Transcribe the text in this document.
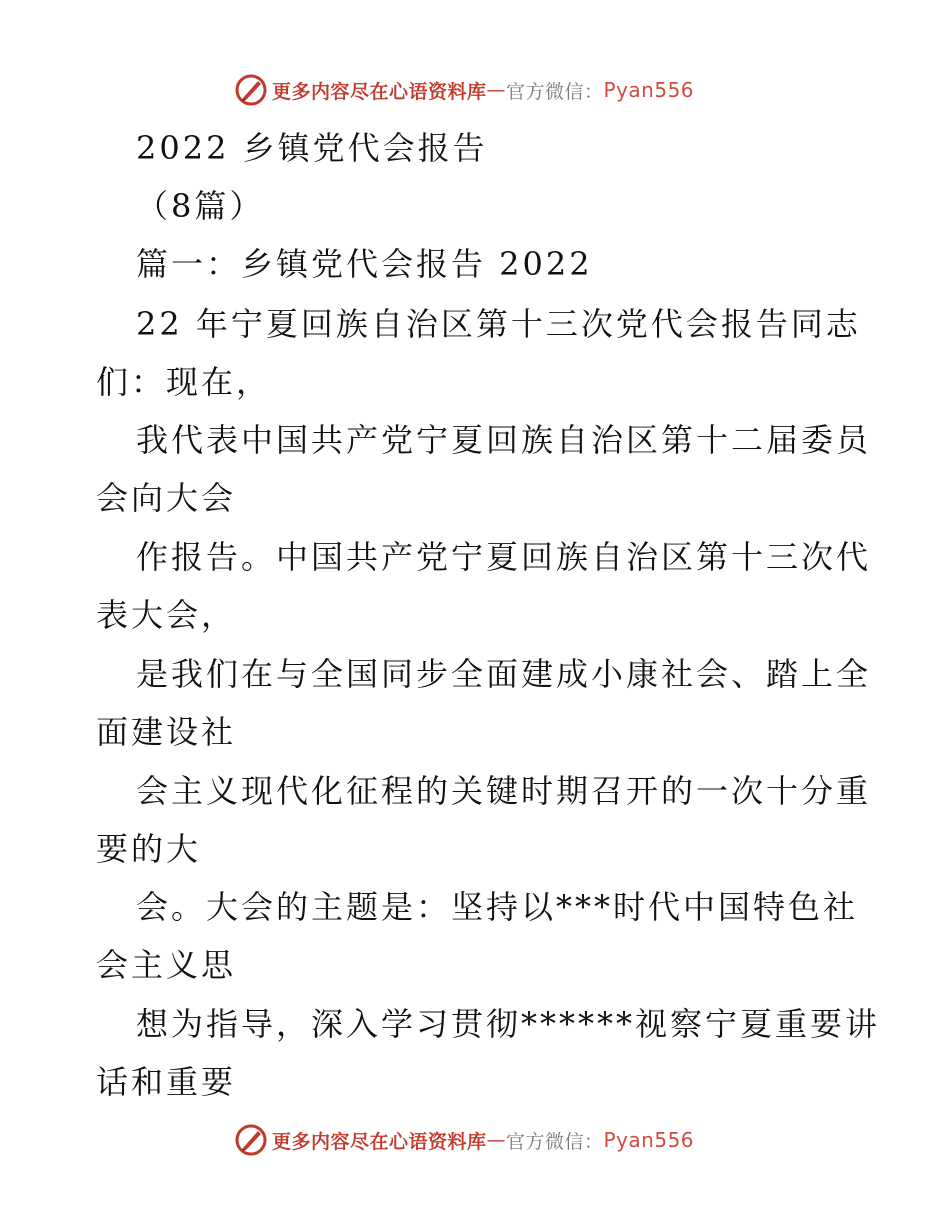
更多内容尽在心语资料库 — 官方微信： Pyan556
2022 乡镇党代会报告
（8篇）
篇一：乡镇党代会报告 2022
22 年宁夏回族自治区第十三次党代会报告同志
们：现在，
我代表中国共产党宁夏回族自治区第十二届委员
会向大会
作报告。中国共产党宁夏回族自治区第十三次代
表大会，
是我们在与全国同步全面建成小康社会、踏上全
面建设社
会主义现代化征程的关键时期召开的一次十分重
要的大
会。大会的主题是：坚持以***时代中国特色社
会主义思
想为指导，深入学习贯彻******视察宁夏重要讲
话和重要
更多内容尽在心语资料库 — 官方微信： Pyan556
